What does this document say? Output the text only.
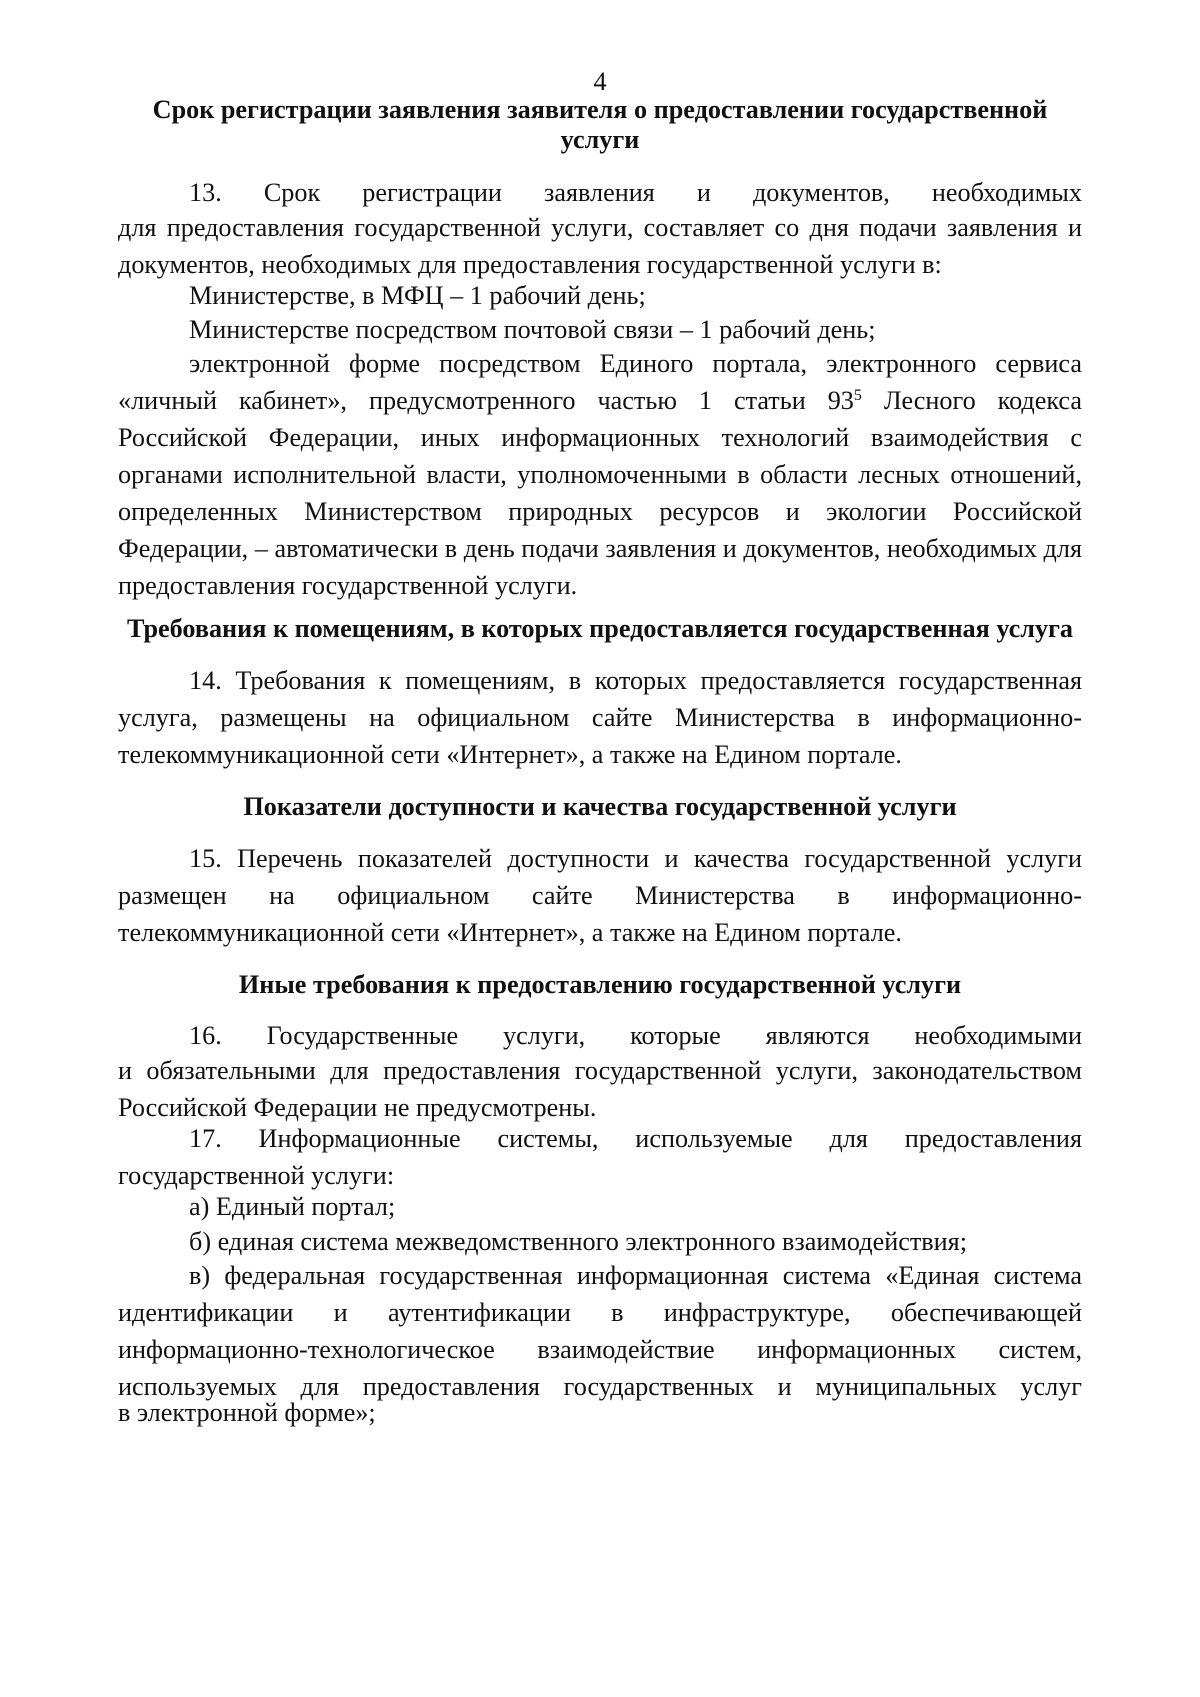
4
Срок регистрации заявления заявителя о предоставлении государственной
услуги

13. Срок регистрации заявления и документов, необходимых

для предоставления государственной услуги, составляет со дня подачи заявления и документов, необходимых для предоставления государственной услуги в:

Министерстве, в МФЦ – 1 рабочий день;

Министерстве посредством почтовой связи – 1 рабочий день;

электронной форме посредством Единого портала, электронного сервиса «личный кабинет», предусмотренного частью 1 статьи $93^5$ Лесного кодекса Российской Федерации, иных информационных технологий взаимодействия с органами исполнительной власти, уполномоченными в области лесных отношений, определенных Министерством природных ресурсов и экологии Российской Федерации, – автоматически в день подачи заявления и документов, необходимых для предоставления государственной услуги.

Требования к помещениям, в которых предоставляется государственная услуга

14. Требования к помещениям, в которых предоставляется государственная услуга, размещены на официальном сайте Министерства в информационно-телекоммуникационной сети «Интернет», а также на Едином портале.

Показатели доступности и качества государственной услуги

15. Перечень показателей доступности и качества государственной услуги размещен на официальном сайте Министерства в информационно-телекоммуникационной сети «Интернет», а также на Едином портале.

Иные требования к предоставлению государственной услуги

16. Государственные услуги, которые являются необходимыми

и обязательными для предоставления государственной услуги, законодательством Российской Федерации не предусмотрены.

17. Информационные системы, используемые для предоставления государственной услуги:

а) Единый портал;

б) единая система межведомственного электронного взаимодействия;

в) федеральная государственная информационная система «Единая система идентификации и аутентификации в инфраструктуре, обеспечивающей информационно-технологическое взаимодействие информационных систем, используемых для предоставления государственных и муниципальных услуг

в электронной форме»;
